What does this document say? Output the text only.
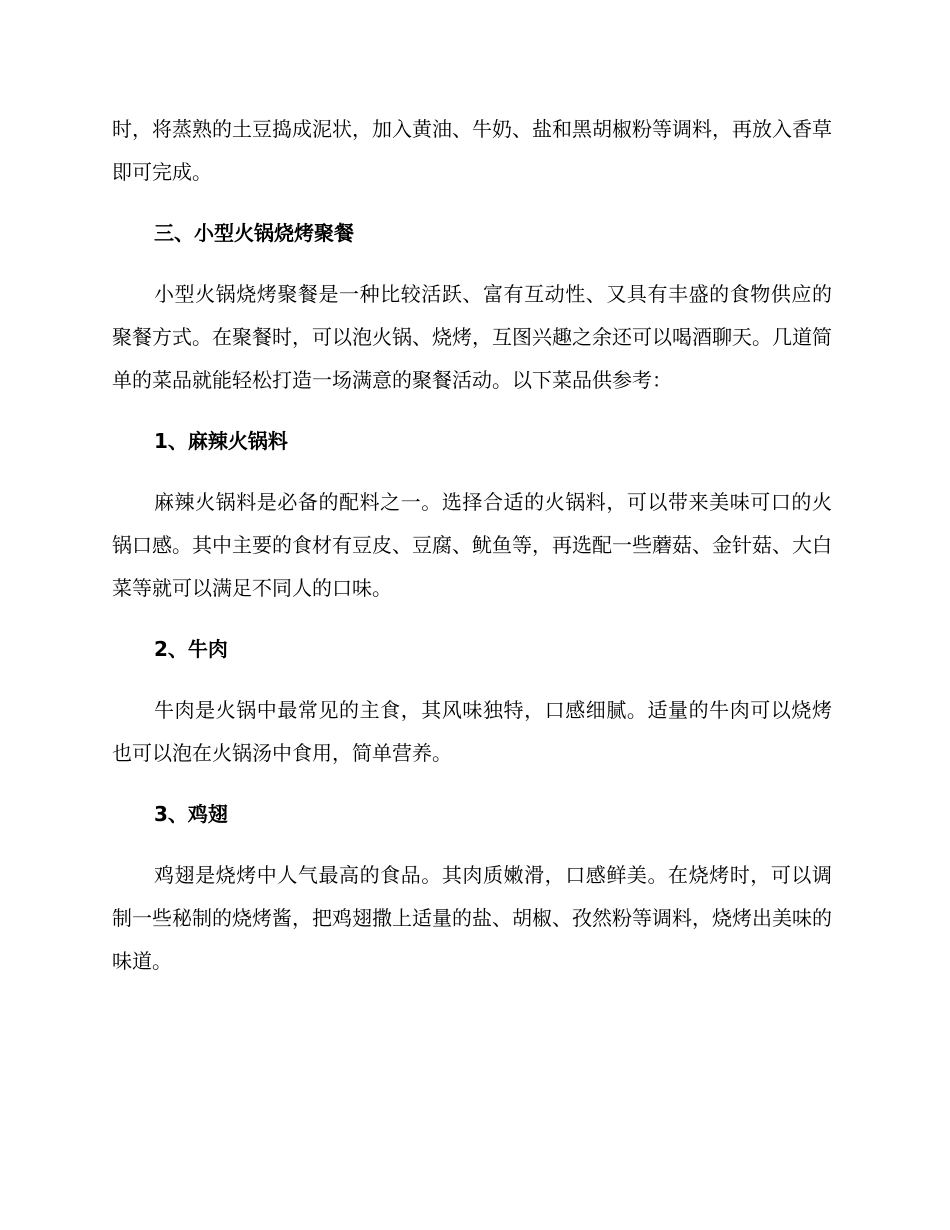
时，将蒸熟的土豆捣成泥状，加入黄油、牛奶、盐和黑胡椒粉等调料，再放入香草即可完成。

三、小型火锅烧烤聚餐

小型火锅烧烤聚餐是一种比较活跃、富有互动性、又具有丰盛的食物供应的聚餐方式。在聚餐时，可以泡火锅、烧烤，互图兴趣之余还可以喝酒聊天。几道简单的菜品就能轻松打造一场满意的聚餐活动。以下菜品供参考：

1、麻辣火锅料

麻辣火锅料是必备的配料之一。选择合适的火锅料，可以带来美味可口的火锅口感。其中主要的食材有豆皮、豆腐、鱿鱼等，再选配一些蘑菇、金针菇、大白菜等就可以满足不同人的口味。

2、牛肉

牛肉是火锅中最常见的主食，其风味独特，口感细腻。适量的牛肉可以烧烤也可以泡在火锅汤中食用，简单营养。

3、鸡翅

鸡翅是烧烤中人气最高的食品。其肉质嫩滑，口感鲜美。在烧烤时，可以调制一些秘制的烧烤酱，把鸡翅撒上适量的盐、胡椒、孜然粉等调料，烧烤出美味的味道。
